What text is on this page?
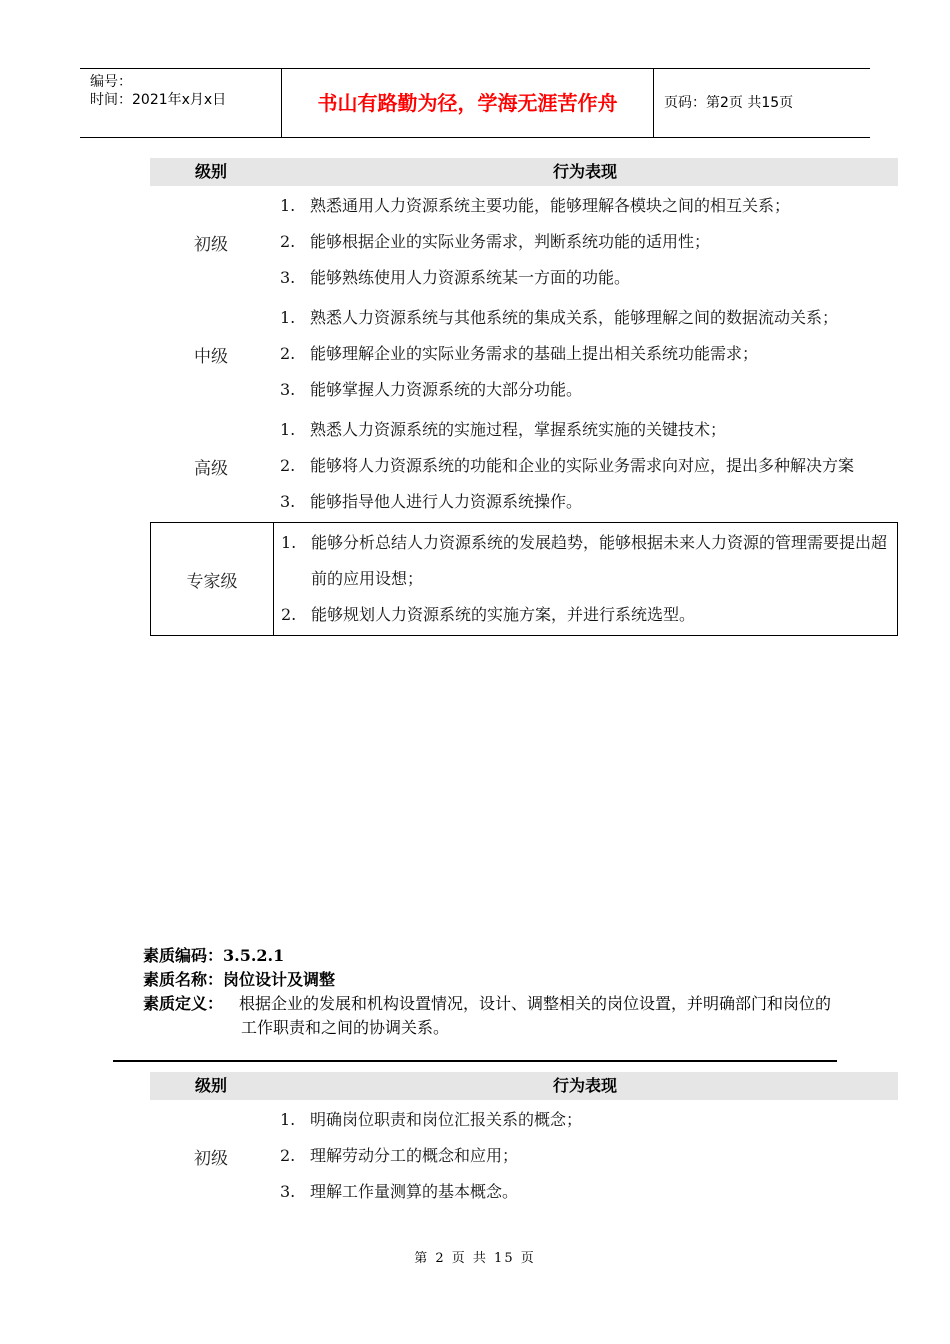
编号：
时间：2021年x月x日	书山有路勤为径，学海无涯苦作舟	页码：第2页 共15页
级别	行为表现
初级
1. 熟悉通用人力资源系统主要功能，能够理解各模块之间的相互关系；
2. 能够根据企业的实际业务需求，判断系统功能的适用性；
3. 能够熟练使用人力资源系统某一方面的功能。
中级
1. 熟悉人力资源系统与其他系统的集成关系，能够理解之间的数据流动关系；
2. 能够理解企业的实际业务需求的基础上提出相关系统功能需求；
3. 能够掌握人力资源系统的大部分功能。
高级
1. 熟悉人力资源系统的实施过程，掌握系统实施的关键技术；
2. 能够将人力资源系统的功能和企业的实际业务需求向对应，提出多种解决方案
3. 能够指导他人进行人力资源系统操作。
专家级
1. 能够分析总结人力资源系统的发展趋势，能够根据未来人力资源的管理需要提出超前的应用设想；
2. 能够规划人力资源系统的实施方案，并进行系统选型。
素质编码：3.5.2.1
素质名称：岗位设计及调整
素质定义： 根据企业的发展和机构设置情况，设计、调整相关的岗位设置，并明确部门和岗位的工作职责和之间的协调关系。
级别	行为表现
初级
1. 明确岗位职责和岗位汇报关系的概念；
2. 理解劳动分工的概念和应用；
3. 理解工作量测算的基本概念。
第 2 页 共 15 页
